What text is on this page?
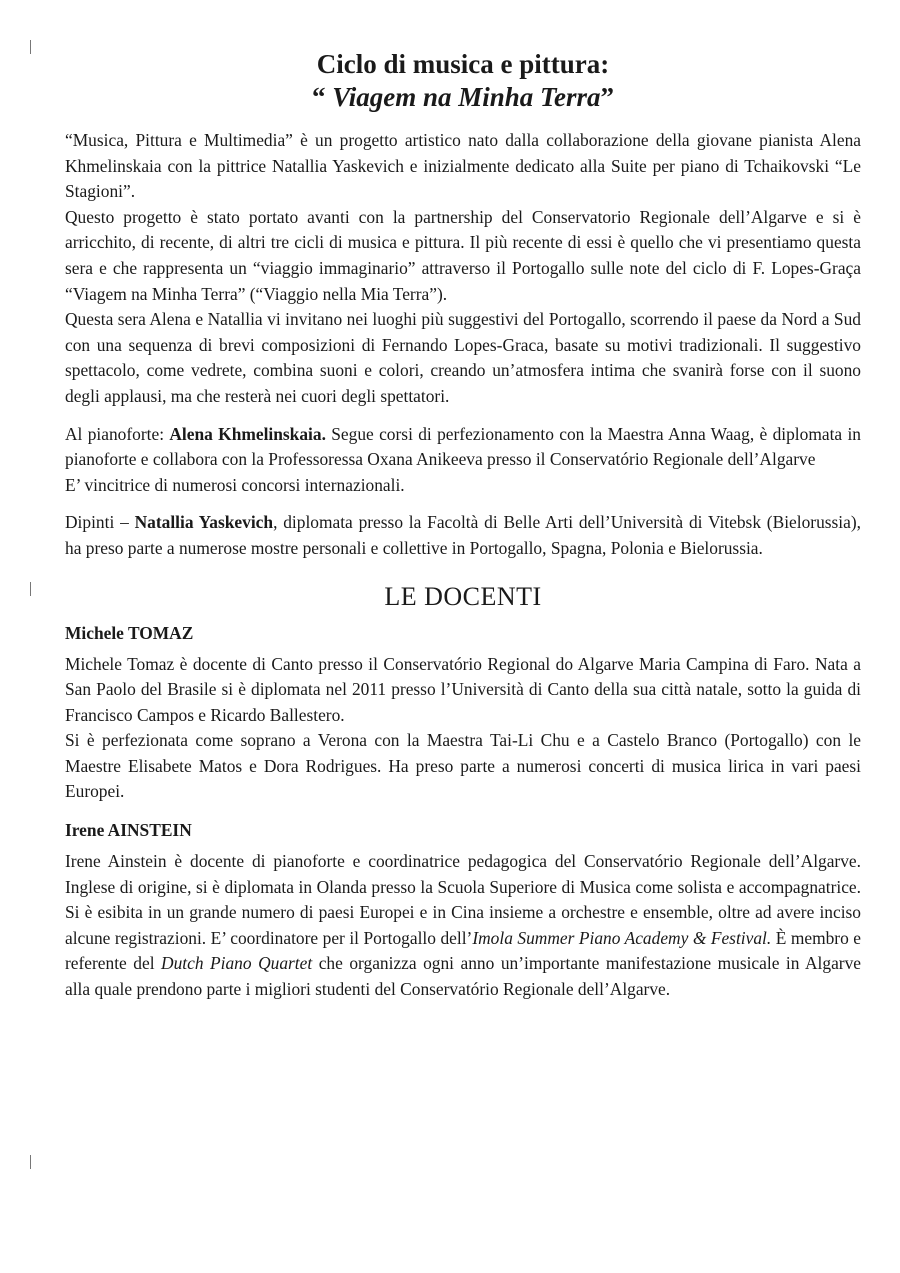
Ciclo di musica e pittura:
“ Viagem na Minha Terra”

“Musica, Pittura e Multimedia” è un progetto artistico nato dalla collaborazione della giovane pianista Alena Khmelinskaia con la pittrice Natallia Yaskevich e inizialmente dedicato alla Suite per piano di Tchaikovski “Le Stagioni”.

Questo progetto è stato portato avanti con la partnership del Conservatorio Regionale dell’Algarve e si è arricchito, di recente, di altri tre cicli di musica e pittura. Il più recente di essi è quello che vi presentiamo questa sera e che rappresenta un “viaggio immaginario” attraverso il Portogallo sulle note del ciclo di F. Lopes-Graça “Viagem na Minha Terra” (“Viaggio nella Mia Terra”).

Questa sera Alena e Natallia vi invitano nei luoghi più suggestivi del Portogallo, scorrendo il paese da Nord a Sud con una sequenza di brevi composizioni di Fernando Lopes-Graca, basate su motivi tradizionali. Il suggestivo spettacolo, come vedrete, combina suoni e colori, creando un’atmosfera intima che svanirà forse con il suono degli applausi, ma che resterà nei cuori degli spettatori.

Al pianoforte: Alena Khmelinskaia. Segue corsi di perfezionamento con la Maestra Anna Waag, è diplomata in pianoforte e collabora con la Professoressa Oxana Anikeeva presso il Conservatório Regionale dell’Algarve

E’ vincitrice di numerosi concorsi internazionali.

Dipinti – Natallia Yaskevich, diplomata presso la Facoltà di Belle Arti dell’Università di Vitebsk (Bielorussia), ha preso parte a numerose mostre personali e collettive in Portogallo, Spagna, Polonia e Bielorussia.

LE DOCENTI
Michele TOMAZ

Michele Tomaz è docente di Canto presso il Conservatório Regional do Algarve Maria Campina di Faro. Nata a San Paolo del Brasile si è diplomata nel 2011 presso l’Università di Canto della sua città natale, sotto la guida di Francisco Campos e Ricardo Ballestero.

Si è perfezionata come soprano a Verona con la Maestra Tai-Li Chu e a Castelo Branco (Portogallo) con le Maestre Elisabete Matos e Dora Rodrigues. Ha preso parte a numerosi concerti di musica lirica in vari paesi Europei.

Irene AINSTEIN

Irene Ainstein è docente di pianoforte e coordinatrice pedagogica del Conservatório Regionale dell’Algarve. Inglese di origine, si è diplomata in Olanda presso la Scuola Superiore di Musica come solista e accompagnatrice. Si è esibita in un grande numero di paesi Europei e in Cina insieme a orchestre e ensemble, oltre ad avere inciso alcune registrazioni. E’ coordinatore per il Portogallo dell’Imola Summer Piano Academy & Festival. È membro e referente del Dutch Piano Quartet che organizza ogni anno un’importante manifestazione musicale in Algarve alla quale prendono parte i migliori studenti del Conservatório Regionale dell’Algarve.
